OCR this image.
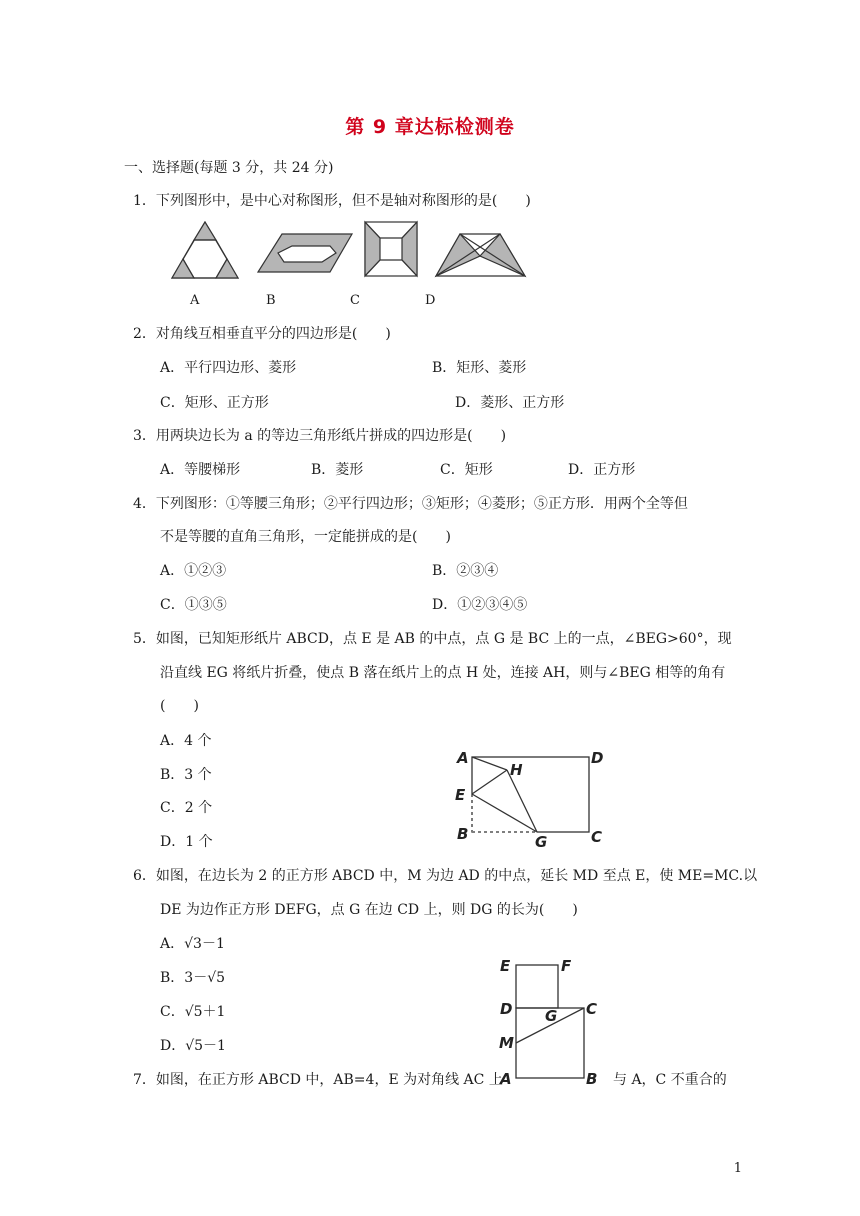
第 9 章达标检测卷
一、选择题(每题 3 分，共 24 分)
1．下列图形中，是中心对称图形，但不是轴对称图形的是(　　)
A	B	C	D
2．对角线互相垂直平分的四边形是(　　)
A．平行四边形、菱形	B．矩形、菱形
C．矩形、正方形	D．菱形、正方形
3．用两块边长为 a 的等边三角形纸片拼成的四边形是(　　)
A．等腰梯形	B．菱形	C．矩形	D．正方形
4．下列图形：①等腰三角形；②平行四边形；③矩形；④菱形；⑤正方形．用两个全等但
不是等腰的直角三角形，一定能拼成的是(　　)
A．①②③	B．②③④
C．①③⑤	D．①②③④⑤
5．如图，已知矩形纸片 ABCD，点 E 是 AB 的中点，点 G 是 BC 上的一点，∠BEG>60°，现
沿直线 EG 将纸片折叠，使点 B 落在纸片上的点 H 处，连接 AH，则与∠BEG 相等的角有
(　　)
A．4 个
B．3 个
C．2 个
D．1 个
A	D
H
E
B	G	C
6．如图，在边长为 2 的正方形 ABCD 中，M 为边 AD 的中点，延长 MD 至点 E，使 ME=MC.以
DE 为边作正方形 DEFG，点 G 在边 CD 上，则 DG 的长为(　　)
A．√3－1
B．3－√5
C．√5＋1
D．√5－1
E	F
D G C
M
A	B
7．如图，在正方形 ABCD 中，AB=4，E 为对角线 AC 上	与 A，C 不重合的
1
